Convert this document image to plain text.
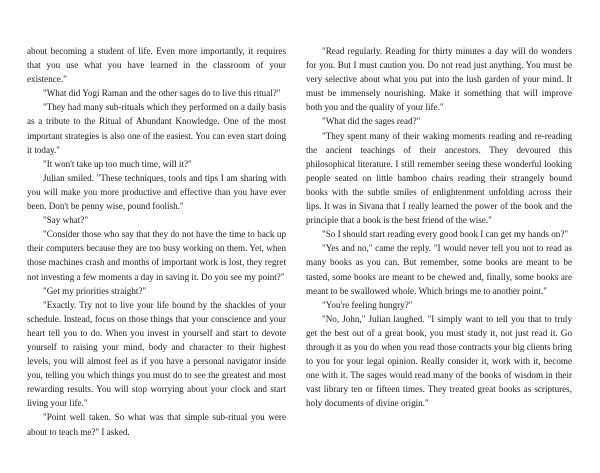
about becoming a student of life. Even more importantly, it requires that you use what you have learned in the classroom of your existence."

"What did Yogi Raman and the other sages do to live this ritual?"

"They had many sub-rituals which they performed on a daily basis as a tribute to the Ritual of Abundant Knowledge. One of the most important strategies is also one of the easiest. You can even start doing it today."

"It won't take up too much time, will it?"

Julian smiled. "These techniques, tools and tips I am sharing with you will make you more productive and effective than you have ever been. Don't be penny wise, pound foolish."

"Say what?"

"Consider those who say that they do not have the time to back up their computers because they are too busy working on them. Yet, when those machines crash and months of important work is lost, they regret not investing a few moments a day in saving it. Do you see my point?"

"Get my priorities straight?"

"Exactly. Try not to live your life bound by the shackles of your schedule. Instead, focus on those things that your conscience and your heart tell you to do. When you invest in yourself and start to devote yourself to raising your mind, body and character to their highest levels, you will almost feel as if you have a personal navigator inside you, telling you which things you must do to see the greatest and most rewarding results. You will stop worrying about your clock and start living your life."

"Point well taken. So what was that simple sub-ritual you were about to teach me?" I asked.

"Read regularly. Reading for thirty minutes a day will do wonders for you. But I must caution you. Do not read just anything. You must be very selective about what you put into the lush garden of your mind. It must be immensely nourishing. Make it something that will improve both you and the quality of your life."

"What did the sages read?"

"They spent many of their waking moments reading and re-reading the ancient teachings of their ancestors. They devoured this philosophical literature. I still remember seeing these wonderful looking people seated on little bamboo chairs reading their strangely bound books with the subtle smiles of enlightenment unfolding across their lips. It was in Sivana that I really learned the power of the book and the principle that a book is the best friend of the wise."

"So I should start reading every good book I can get my hands on?"

"Yes and no," came the reply. "I would never tell you not to read as many books as you can. But remember, some books are meant to be tasted, some books are meant to be chewed and, finally, some books are meant to be swallowed whole. Which brings me to another point."

"You're feeling hungry?"

"No, John," Julian laughed. "I simply want to tell you that to truly get the best out of a great book, you must study it, not just read it. Go through it as you do when you read those contracts your big clients bring to you for your legal opinion. Really consider it, work with it, become one with it. The sages would read many of the books of wisdom in their vast library ten or fifteen times. They treated great books as scriptures, holy documents of divine origin."
